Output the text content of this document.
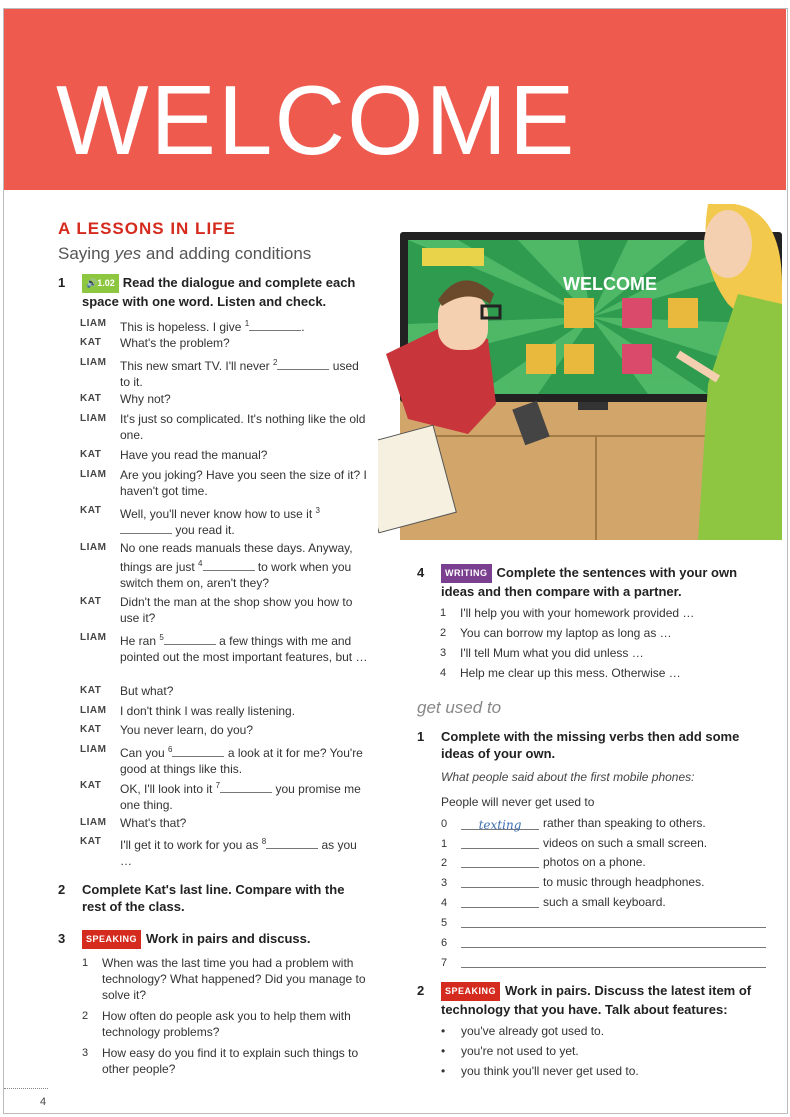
WELCOME
A LESSONS IN LIFE
Saying yes and adding conditions
1	🔊1.02 Read the dialogue and complete each space with one word. Listen and check.
LIAM This is hopeless. I give $^1$	.
KAT What's the problem?
LIAM This new smart TV. I'll never $^2$	used to it.
KAT Why not?
LIAM It's just so complicated. It's nothing like the old one.
KAT Have you read the manual?
LIAM Are you joking? Have you seen the size of it? I haven't got time.
KAT Well, you'll never know how to use it $^3$ you read it.
LIAM No one reads manuals these days. Anyway, things are just $^4$	to work when you switch them on, aren't they?
KAT Didn't the man at the shop show you how to use it?
LIAM He ran $^5$	a few things with me and pointed out the most important features, but …
KAT But what?
LIAM I don't think I was really listening.
KAT You never learn, do you?
LIAM Can you $^6$	a look at it for me? You're good at things like this.
KAT OK, I'll look into it $^7$	you promise me one thing.
LIAM What's that?
KAT I'll get it to work for you as $^8$	as you …
2 Complete Kat's last line. Compare with the rest of the class.
3	SPEAKING Work in pairs and discuss.
1 When was the last time you had a problem with technology? What happened? Did you manage to solve it?
2 How often do people ask you to help them with technology problems?
3 How easy do you find it to explain such things to other people?
WELCOME
4	WRITING Complete the sentences with your own ideas and then compare with a partner.
1 I'll help you with your homework provided …
2 You can borrow my laptop as long as …
3 I'll tell Mum what you did unless …
4 Help me clear up this mess. Otherwise …
get used to
1 Complete with the missing verbs then add some ideas of your own.
What people said about the first mobile phones:
People will never get used to
0	texting rather than speaking to others.
1	videos on such a small screen.
2	photos on a phone.
3	to music through headphones.
4	such a small keyboard.
5
6
7
2	SPEAKING Work in pairs. Discuss the latest item of technology that you have. Talk about features:
• you've already got used to.
• you're not used to yet.
• you think you'll never get used to.
4
